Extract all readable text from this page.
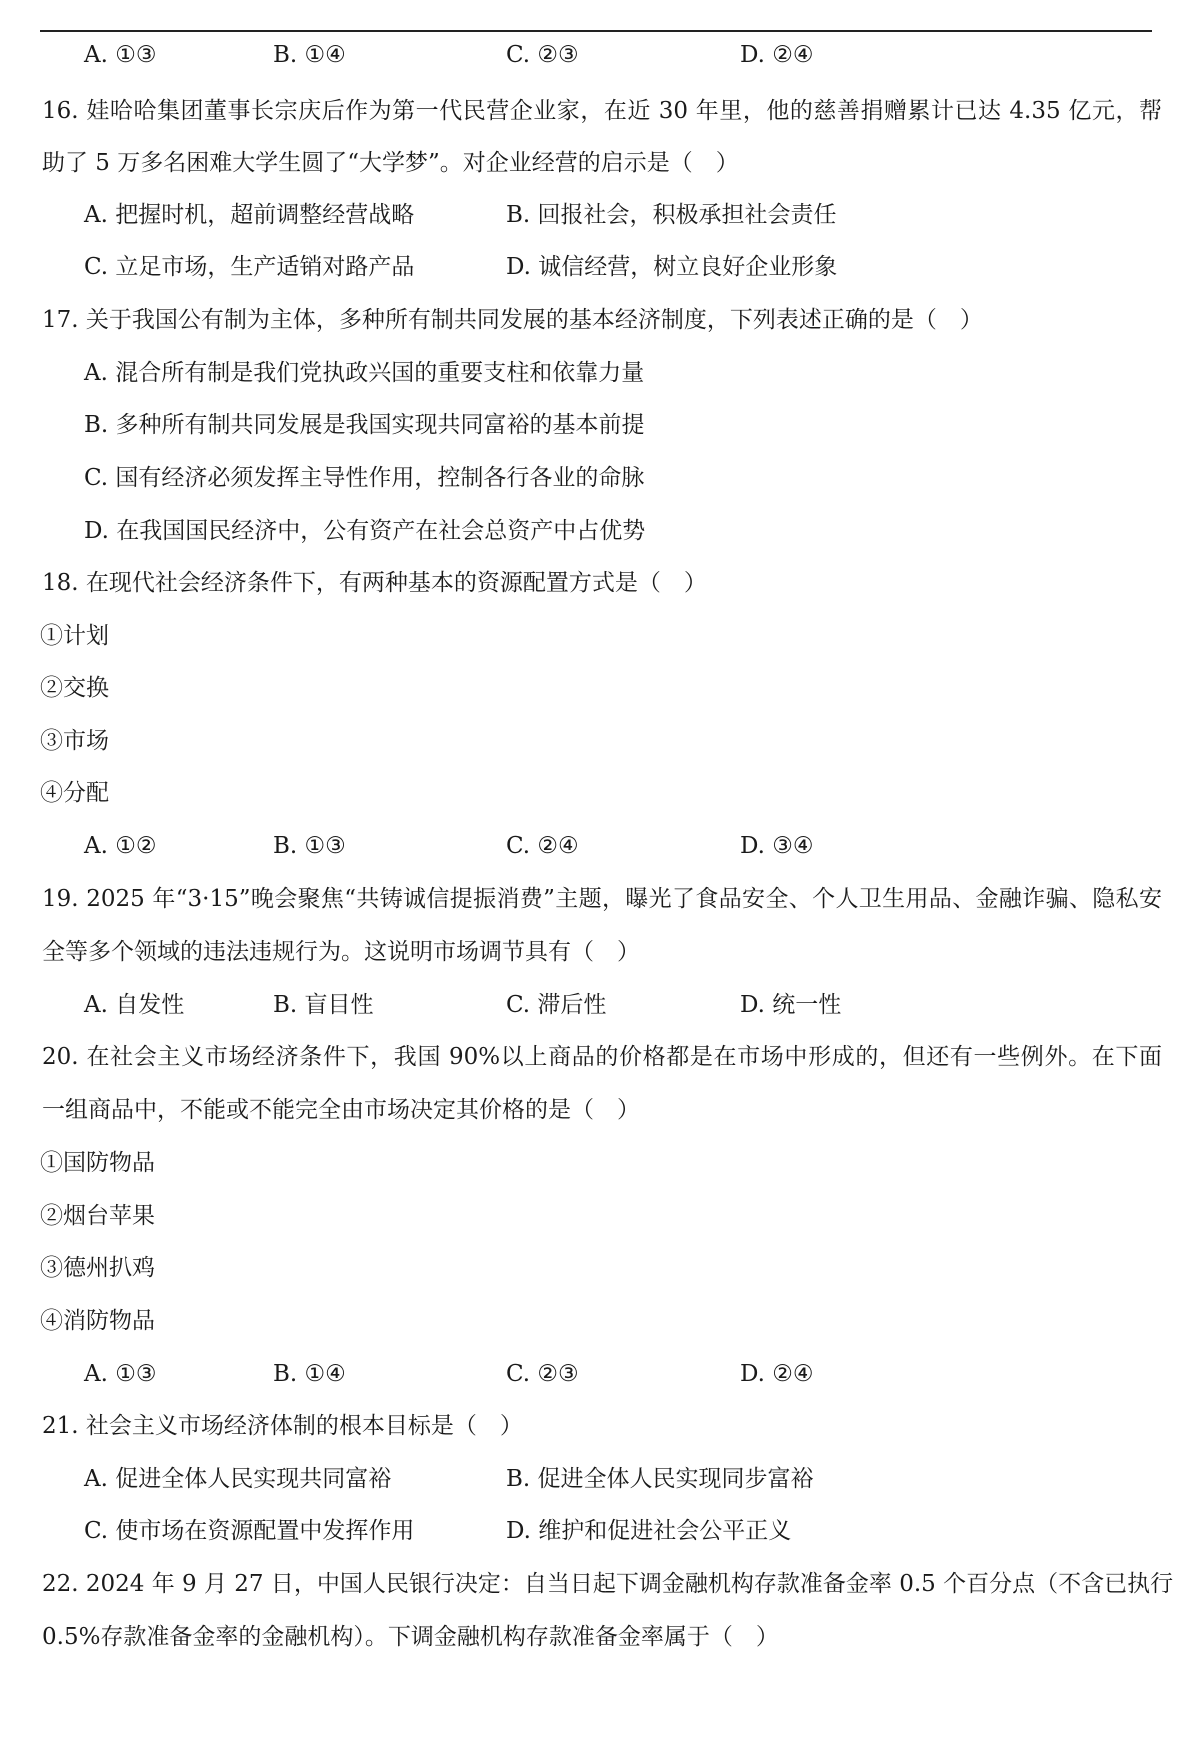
A. ①③	B. ①④	C. ②③	D. ②④
16. 娃哈哈集团董事长宗庆后作为第一代民营企业家，在近 30 年里，他的慈善捐赠累计已达 4.35 亿元，帮
助了 5 万多名困难大学生圆了“大学梦”。对企业经营的启示是（　）
A. 把握时机，超前调整经营战略	B. 回报社会，积极承担社会责任
C. 立足市场，生产适销对路产品	D. 诚信经营，树立良好企业形象
17. 关于我国公有制为主体，多种所有制共同发展的基本经济制度，下列表述正确的是（　）
A. 混合所有制是我们党执政兴国的重要支柱和依靠力量
B. 多种所有制共同发展是我国实现共同富裕的基本前提
C. 国有经济必须发挥主导性作用，控制各行各业的命脉
D. 在我国国民经济中，公有资产在社会总资产中占优势
18. 在现代社会经济条件下，有两种基本的资源配置方式是（　）
①计划
②交换
③市场
④分配
A. ①②	B. ①③	C. ②④	D. ③④
19. 2025 年“3·15”晚会聚焦“共铸诚信提振消费”主题，曝光了食品安全、个人卫生用品、金融诈骗、隐私安
全等多个领域的违法违规行为。这说明市场调节具有（　）
A. 自发性	B. 盲目性	C. 滞后性	D. 统一性
20. 在社会主义市场经济条件下，我国 90%以上商品的价格都是在市场中形成的，但还有一些例外。在下面
一组商品中，不能或不能完全由市场决定其价格的是（　）
①国防物品
②烟台苹果
③德州扒鸡
④消防物品
A. ①③	B. ①④	C. ②③	D. ②④
21. 社会主义市场经济体制的根本目标是（　）
A. 促进全体人民实现共同富裕	B. 促进全体人民实现同步富裕
C. 使市场在资源配置中发挥作用	D. 维护和促进社会公平正义
22. 2024 年 9 月 27 日，中国人民银行决定：自当日起下调金融机构存款准备金率 0.5 个百分点（不含已执行
0.5%存款准备金率的金融机构）。下调金融机构存款准备金率属于（　）
